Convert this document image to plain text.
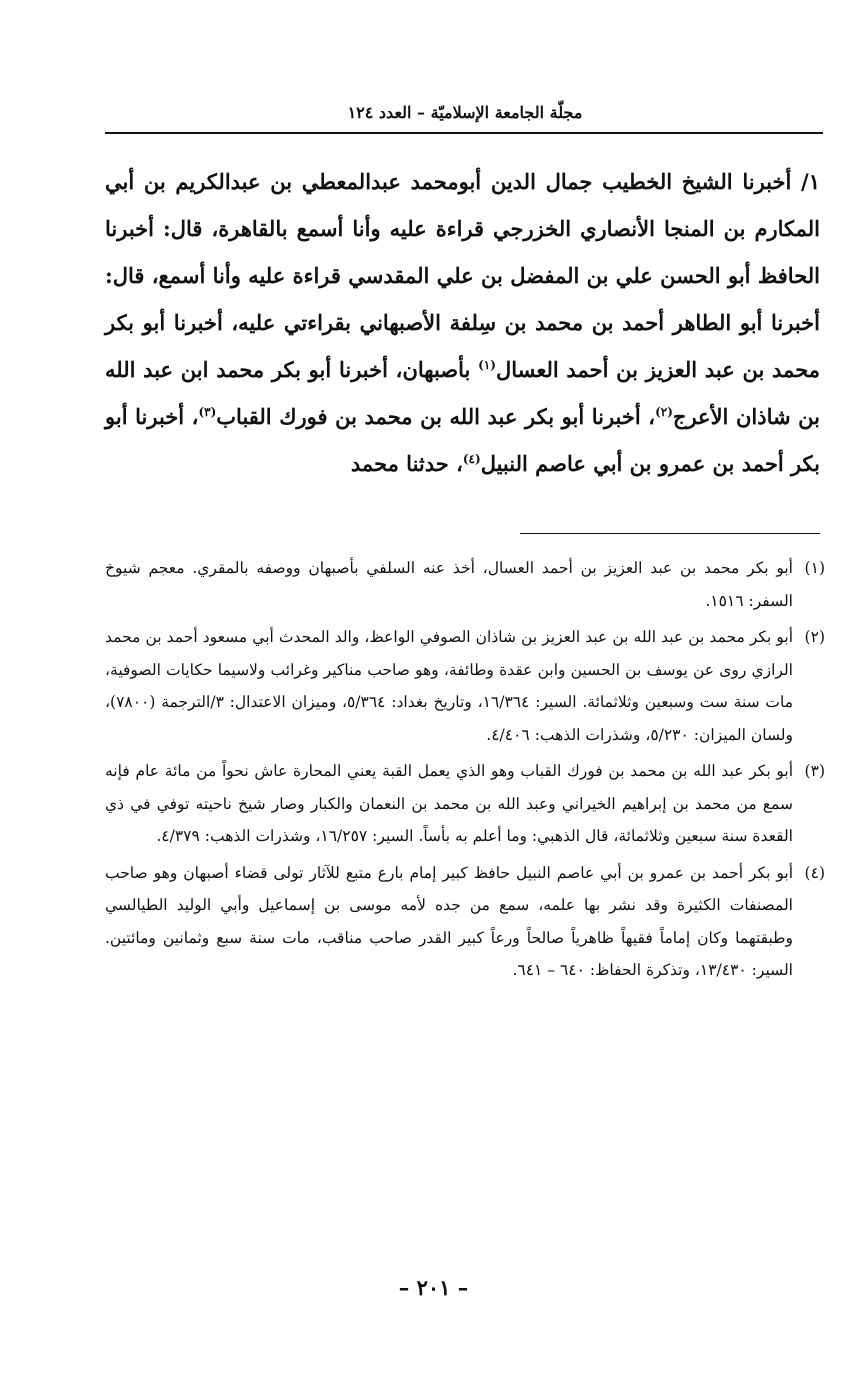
مجلّة الجامعة الإسلاميّة – العدد ١٢٤

١/ أخبرنا الشيخ الخطيب جمال الدين أبومحمد عبدالمعطي بن عبدالكريم بن أبي المكارم بن المنجا الأنصاري الخزرجي قراءة عليه وأنا أسمع بالقاهرة، قال: أخبرنا الحافظ أبو الحسن علي بن المفضل بن علي المقدسي قراءة عليه وأنا أسمع، قال: أخبرنا أبو الطاهر أحمد بن محمد بن سِلفة الأصبهاني بقراءتي عليه، أخبرنا أبو بكر محمد بن عبد العزيز بن أحمد العسال$^{(١)}$ بأصبهان، أخبرنا أبو بكر محمد ابن عبد الله بن شاذان الأعرج$^{(٢)}$، أخبرنا أبو بكر عبد الله بن محمد بن فورك القباب$^{(٣)}$، أخبرنا أبو بكر أحمد بن عمرو بن أبي عاصم النبيل$^{(٤)}$، حدثنا محمد

(١)
أبو بكر محمد بن عبد العزيز بن أحمد العسال، أخذ عنه السلفي بأصبهان ووصفه بالمقري. معجم شيوخ السفر: ١٥١٦.
(٢)
أبو بكر محمد بن عبد الله بن عبد العزيز بن شاذان الصوفي الواعظ، والد المحدث أبي مسعود أحمد بن محمد الرازي روى عن يوسف بن الحسين وابن عقدة وطائفة، وهو صاحب مناكير وغرائب ولاسيما حكايات الصوفية، مات سنة ست وسبعين وثلاثمائة. السير: ١٦/٣٦٤، وتاريخ بغداد: ٥/٣٦٤، وميزان الاعتدال: ٣/الترجمة (٧٨٠٠)، ولسان الميزان: ٥/٢٣٠، وشذرات الذهب: ٤/٤٠٦.
(٣)
أبو بكر عبد الله بن محمد بن فورك القباب وهو الذي يعمل القبة يعني المحارة عاش نحواً من مائة عام فإنه سمع من محمد بن إبراهيم الخيراني وعبد الله بن محمد بن النعمان والكبار وصار شيخ ناحيته توفي في ذي القعدة سنة سبعين وثلاثمائة، قال الذهبي: وما أعلم به بأساً. السير: ١٦/٢٥٧، وشذرات الذهب: ٤/٣٧٩.
(٤)
أبو بكر أحمد بن عمرو بن أبي عاصم النبيل حافظ كبير إمام بارع متبع للآثار تولى قضاء أصبهان وهو صاحب المصنفات الكثيرة وقد نشر بها علمه، سمع من جده لأمه موسى بن إسماعيل وأبي الوليد الطيالسي وطبقتهما وكان إماماً فقيهاً ظاهرياً صالحاً ورعاً كبير القدر صاحب مناقب، مات سنة سبع وثمانين ومائتين. السير: ١٣/٤٣٠، وتذكرة الحفاظ: ٦٤٠ – ٦٤١.
– ٢٠١ –
